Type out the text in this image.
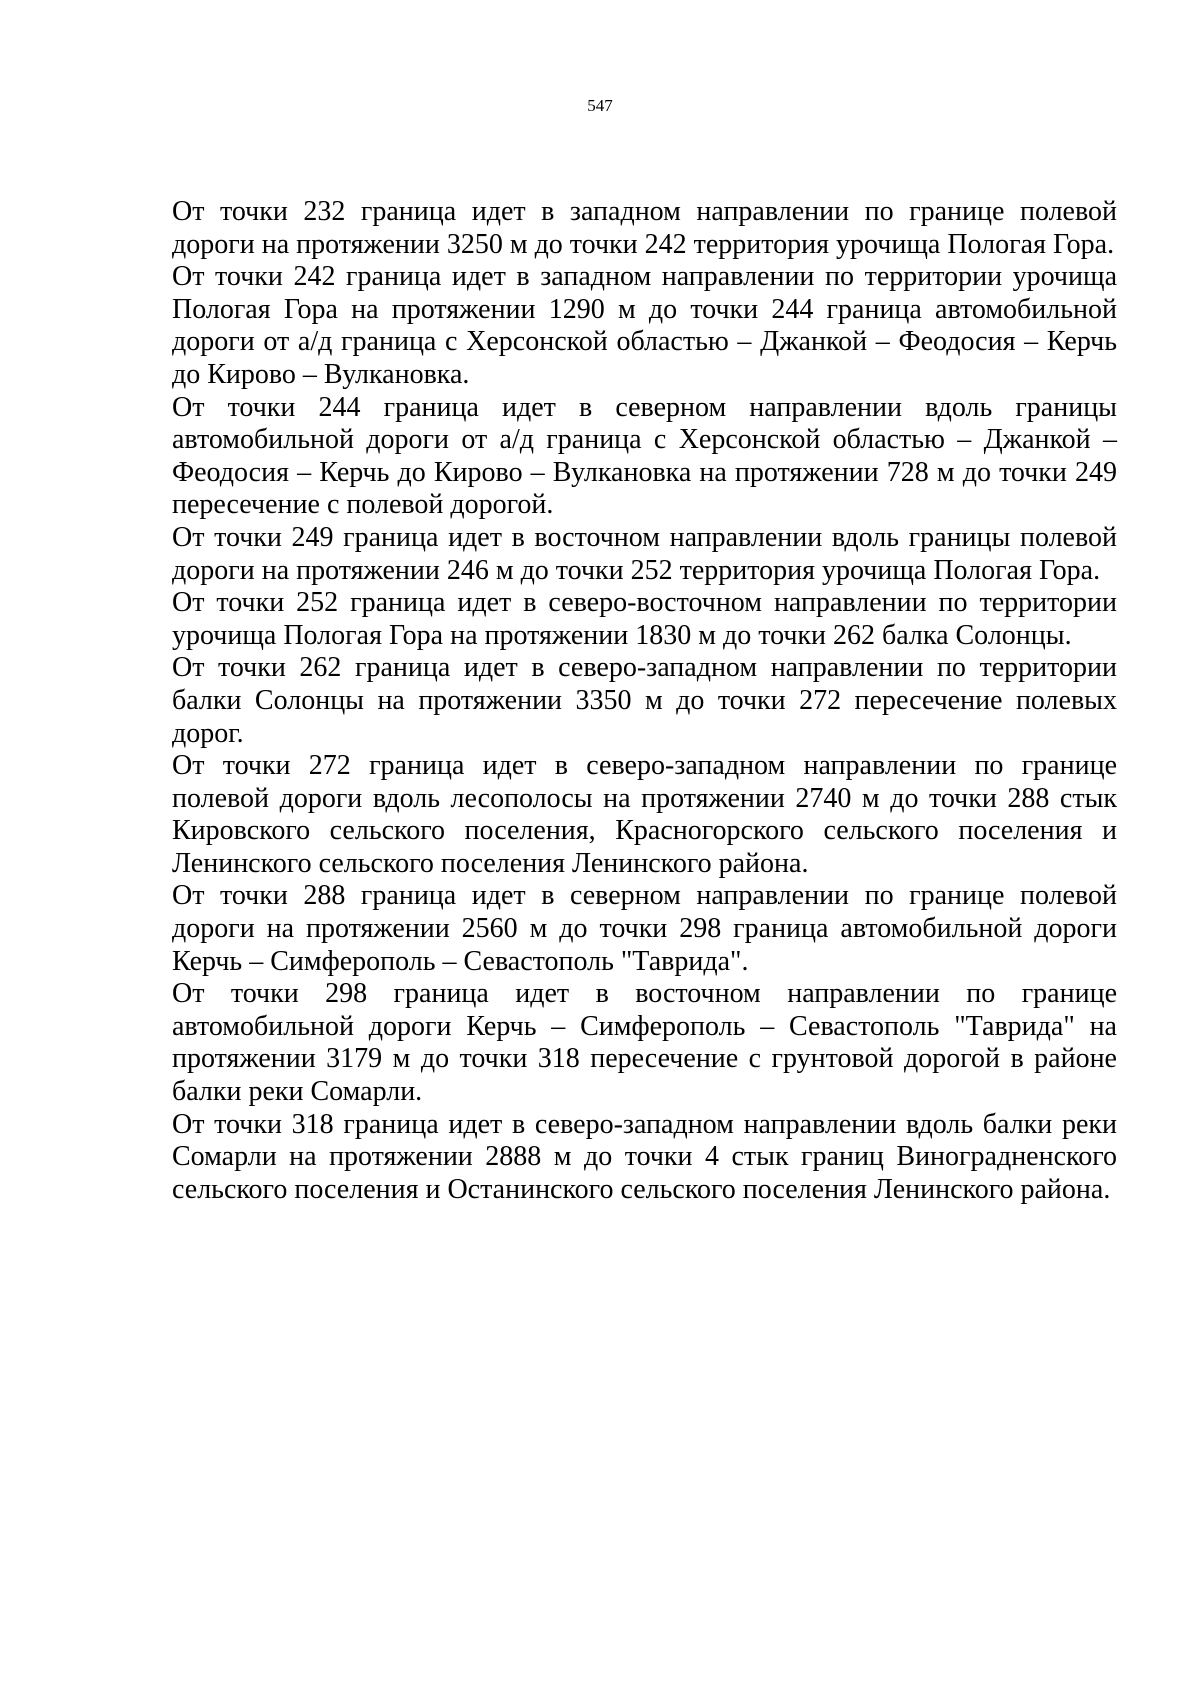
547

От точки 232 граница идет в западном направлении по границе полевой дороги на протяжении 3250 м до точки 242 территория урочища Пологая Гора.

От точки 242 граница идет в западном направлении по территории урочища Пологая Гора на протяжении 1290 м до точки 244 граница автомобильной дороги от а/д граница с Херсонской областью – Джанкой – Феодосия – Керчь до Кирово – Вулкановка.

От точки 244 граница идет в северном направлении вдоль границы автомобильной дороги от а/д граница с Херсонской областью – Джанкой – Феодосия – Керчь до Кирово – Вулкановка на протяжении 728 м до точки 249 пересечение с полевой дорогой.

От точки 249 граница идет в восточном направлении вдоль границы полевой дороги на протяжении 246 м до точки 252 территория урочища Пологая Гора.

От точки 252 граница идет в северо-восточном направлении по территории урочища Пологая Гора на протяжении 1830 м до точки 262 балка Солонцы.

От точки 262 граница идет в северо-западном направлении по территории балки Солонцы на протяжении 3350 м до точки 272 пересечение полевых дорог.

От точки 272 граница идет в северо-западном направлении по границе полевой дороги вдоль лесополосы на протяжении 2740 м до точки 288 стык Кировского сельского поселения, Красногорского сельского поселения и Ленинского сельского поселения Ленинского района.

От точки 288 граница идет в северном направлении по границе полевой дороги на протяжении 2560 м до точки 298 граница автомобильной дороги Керчь – Симферополь – Севастополь "Таврида".

От точки 298 граница идет в восточном направлении по границе автомобильной дороги Керчь – Симферополь – Севастополь "Таврида" на протяжении 3179 м до точки 318 пересечение с грунтовой дорогой в районе балки реки Сомарли.

От точки 318 граница идет в северо-западном направлении вдоль балки реки Сомарли на протяжении 2888 м до точки 4 стык границ Виноградненского сельского поселения и Останинского сельского поселения Ленинского района.
